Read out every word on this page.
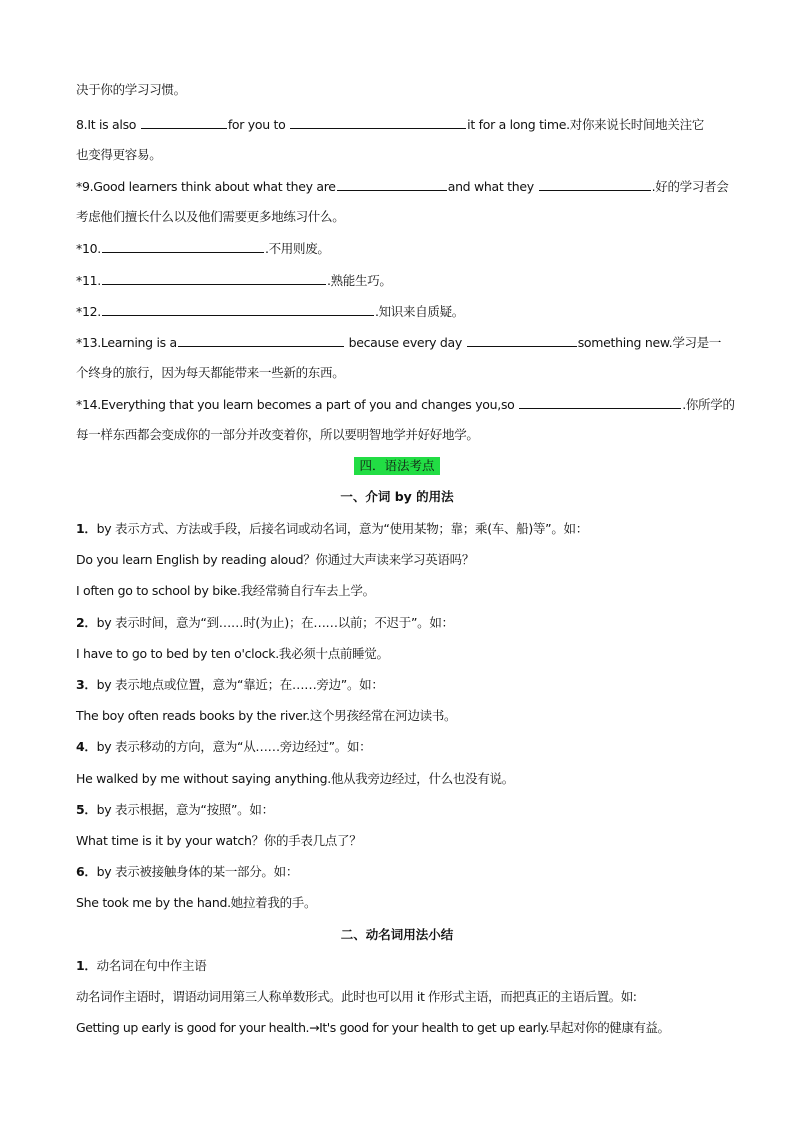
决于你的学习习惯。
8.It is also	for you to	it for a long time.对你来说长时间地关注它
也变得更容易。
*9.Good learners think about what they are	and what they	.好的学习者会
考虑他们擅长什么以及他们需要更多地练习什么。
*10.	.不用则废。
*11.	.熟能生巧。
*12.	.知识来自质疑。
*13.Learning is a	because every day	something new.学习是一
个终身的旅行，因为每天都能带来一些新的东西。
*14.Everything that you learn becomes a part of you and changes you,so	.你所学的
每一样东西都会变成你的一部分并改变着你，所以要明智地学并好好地学。
四．语法考点
一、介词 by 的用法
1．by 表示方式、方法或手段，后接名词或动名词，意为“使用某物；靠；乘(车、船)等”。如：
Do you learn English by reading aloud？你通过大声读来学习英语吗？
I often go to school by bike.我经常骑自行车去上学。
2．by 表示时间，意为“到……时(为止)；在……以前；不迟于”。如：
I have to go to bed by ten o'clock.我必须十点前睡觉。
3．by 表示地点或位置，意为“靠近；在……旁边”。如：
The boy often reads books by the river.这个男孩经常在河边读书。
4．by 表示移动的方向，意为“从……旁边经过”。如：
He walked by me without saying anything.他从我旁边经过，什么也没有说。
5．by 表示根据，意为“按照”。如：
What time is it by your watch？你的手表几点了？
6．by 表示被接触身体的某一部分。如：
She took me by the hand.她拉着我的手。
二、动名词用法小结
1．动名词在句中作主语
动名词作主语时，谓语动词用第三人称单数形式。此时也可以用 it 作形式主语，而把真正的主语后置。如:
Getting up early is good for your health.→It's good for your health to get up early.早起对你的健康有益。
